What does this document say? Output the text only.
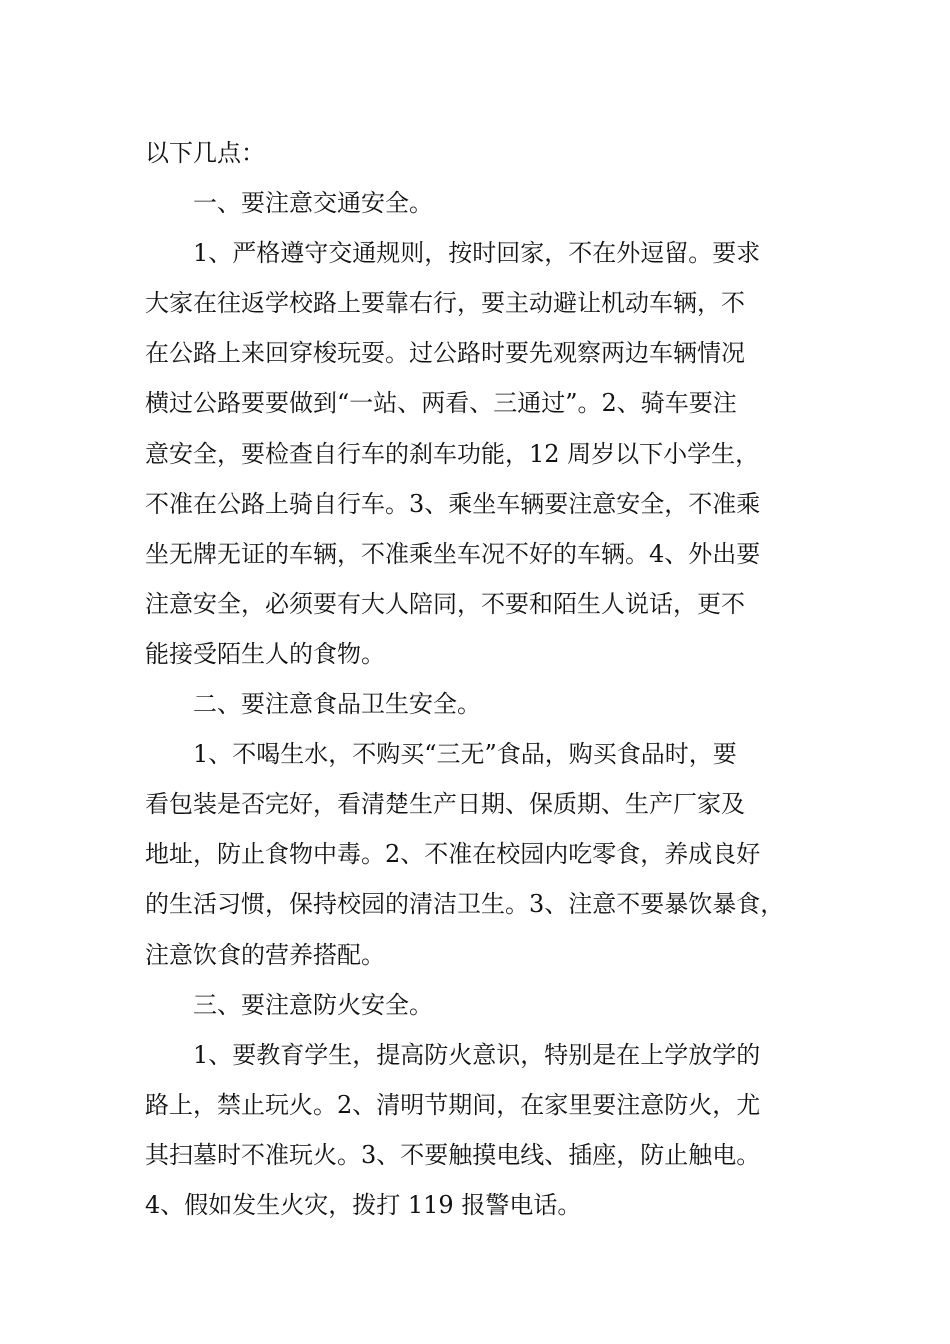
以下几点：
一、要注意交通安全。
1、严格遵守交通规则，按时回家，不在外逗留。要求
大家在往返学校路上要靠右行，要主动避让机动车辆，不
在公路上来回穿梭玩耍。过公路时要先观察两边车辆情况
横过公路要要做到“一站、两看、三通过”。2、骑车要注
意安全，要检查自行车的刹车功能，12 周岁以下小学生，
不准在公路上骑自行车。3、乘坐车辆要注意安全，不准乘
坐无牌无证的车辆，不准乘坐车况不好的车辆。4、外出要
注意安全，必须要有大人陪同，不要和陌生人说话，更不
能接受陌生人的食物。
二、要注意食品卫生安全。
1、不喝生水，不购买“三无”食品，购买食品时，要
看包装是否完好，看清楚生产日期、保质期、生产厂家及
地址，防止食物中毒。2、不准在校园内吃零食，养成良好
的生活习惯，保持校园的清洁卫生。3、注意不要暴饮暴食，
注意饮食的营养搭配。
三、要注意防火安全。
1、要教育学生，提高防火意识，特别是在上学放学的
路上，禁止玩火。2、清明节期间，在家里要注意防火，尤
其扫墓时不准玩火。3、不要触摸电线、插座，防止触电。
4、假如发生火灾，拨打 119 报警电话。
